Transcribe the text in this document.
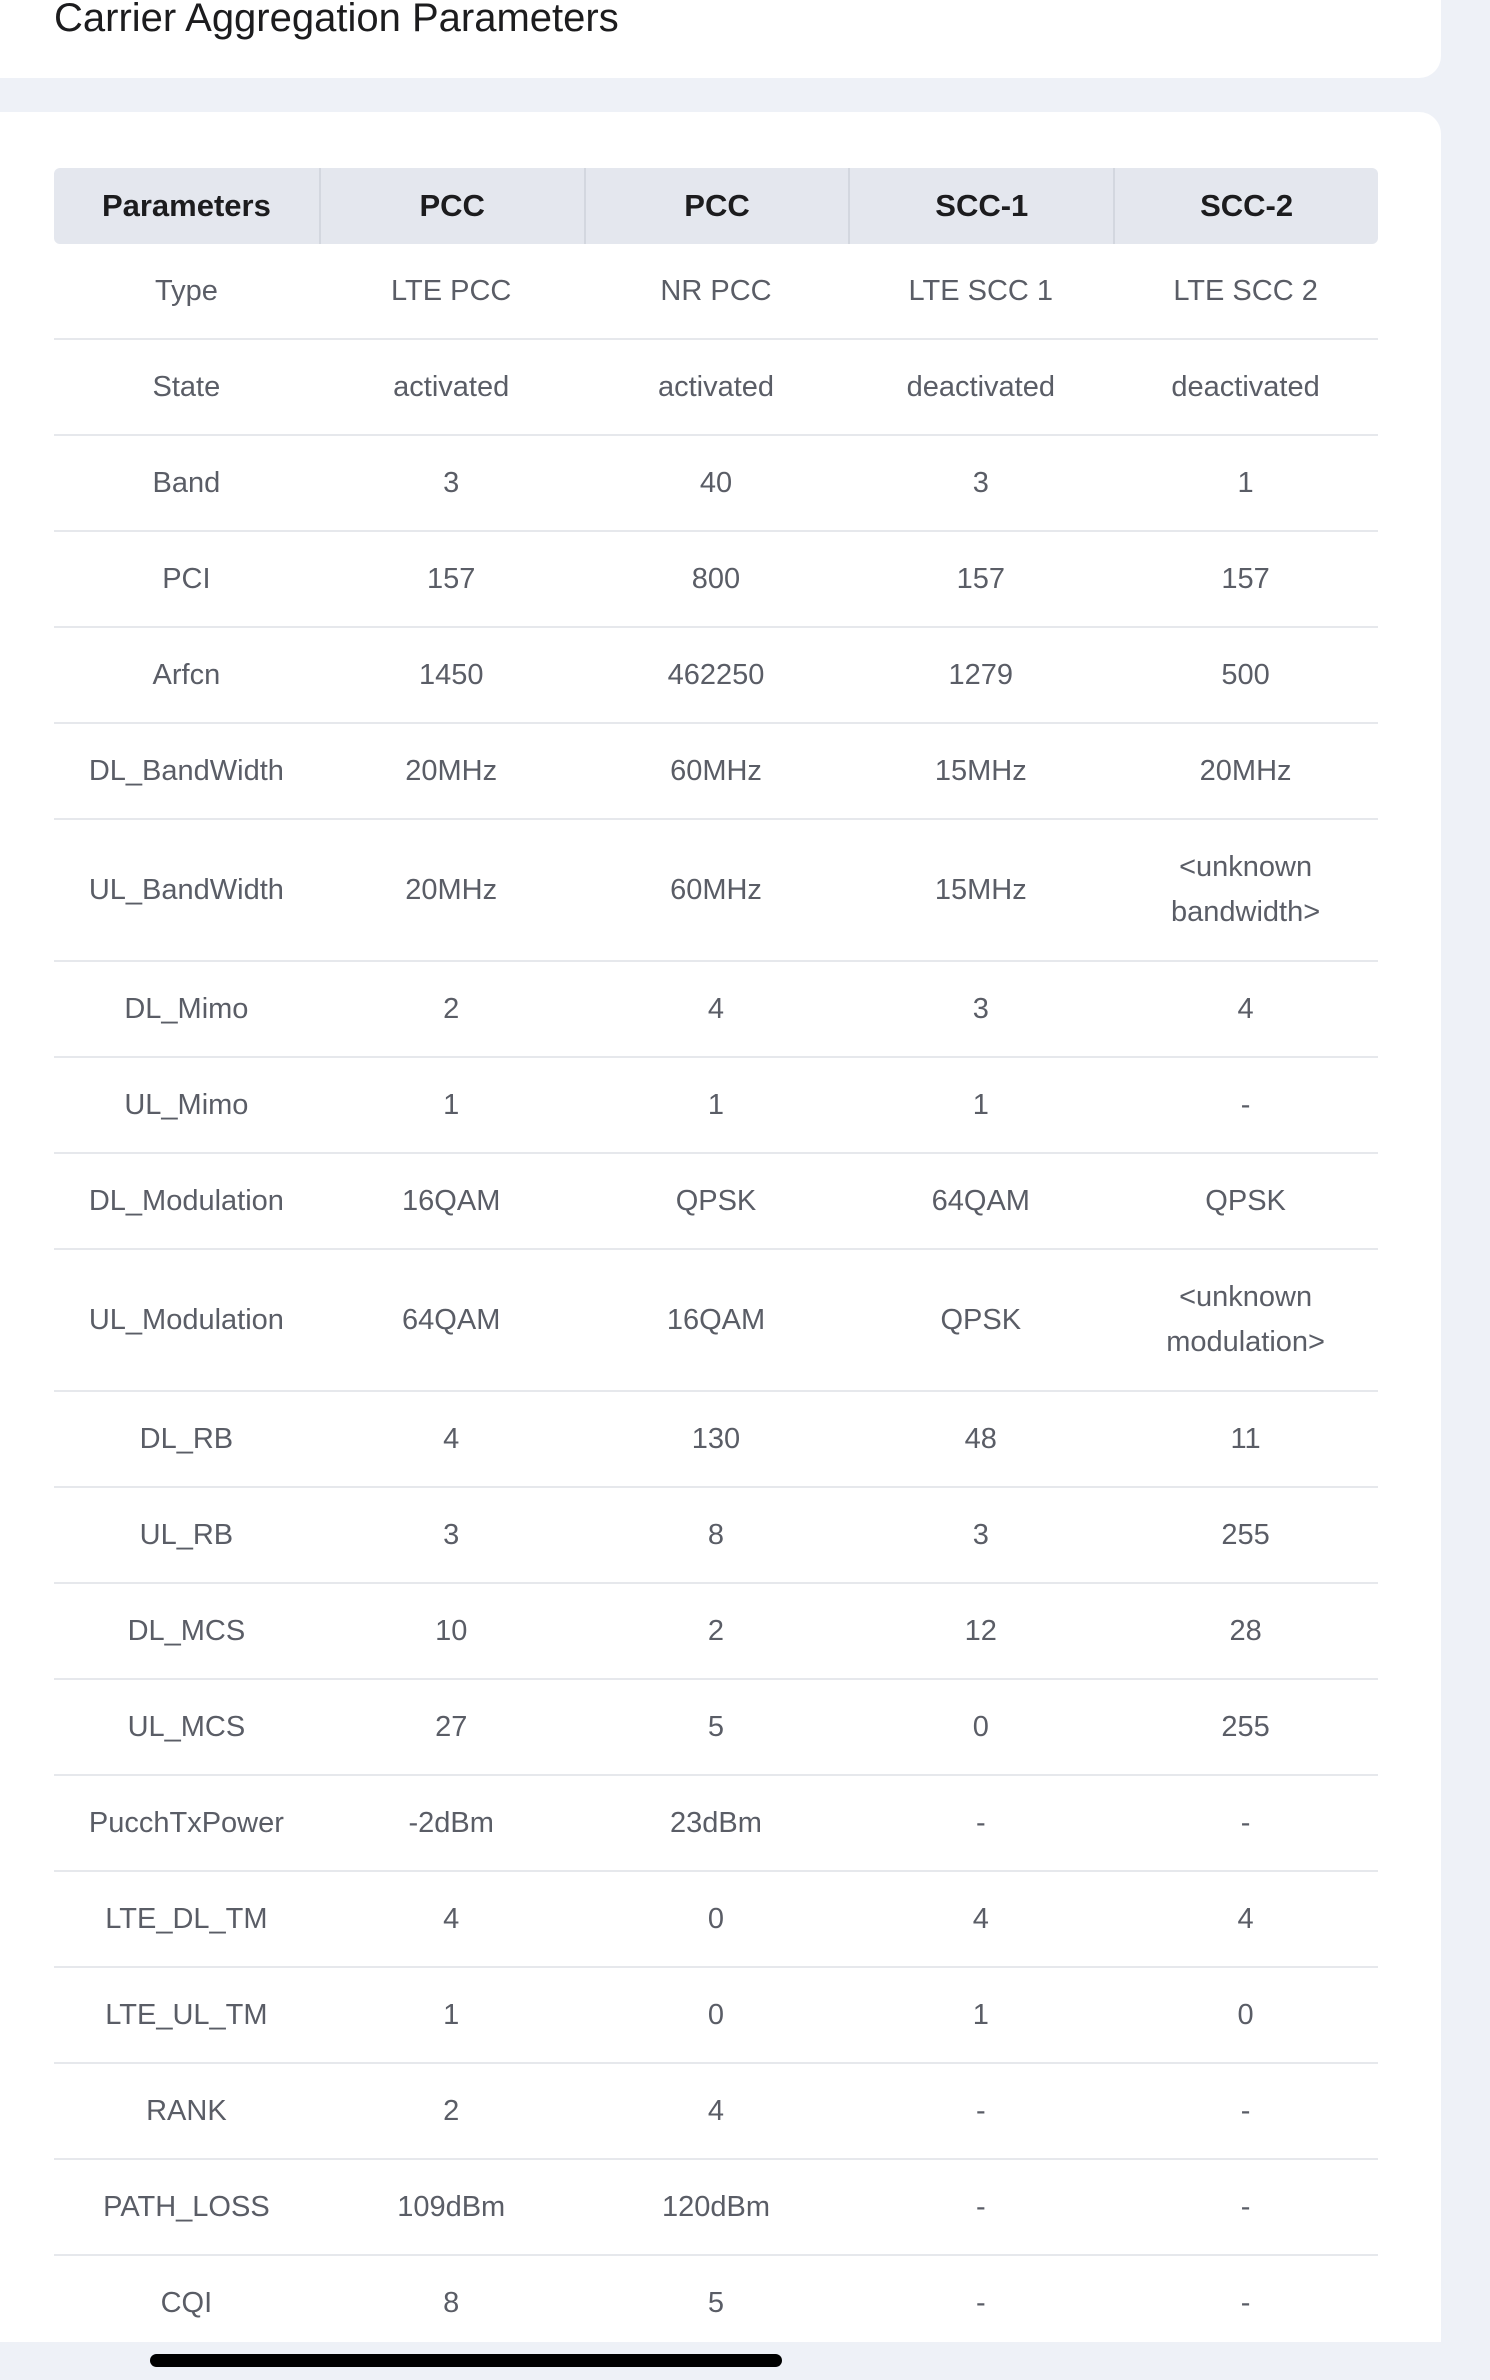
Carrier Aggregation Parameters
Parameters	PCC	PCC	SCC-1	SCC-2
Type	LTE PCC	NR PCC	LTE SCC 1	LTE SCC 2
State	activated	activated	deactivated	deactivated
Band	3	40	3	1
PCI	157	800	157	157
Arfcn	1450	462250	1279	500
DL_BandWidth	20MHz	60MHz	15MHz	20MHz
UL_BandWidth	20MHz	60MHz	15MHz	<unknown bandwidth>
DL_Mimo	2	4	3	4
UL_Mimo	1	1	1	-
DL_Modulation	16QAM	QPSK	64QAM	QPSK
UL_Modulation	64QAM	16QAM	QPSK	<unknown modulation>
DL_RB	4	130	48	11
UL_RB	3	8	3	255
DL_MCS	10	2	12	28
UL_MCS	27	5	0	255
PucchTxPower	-2dBm	23dBm	-	-
LTE_DL_TM	4	0	4	4
LTE_UL_TM	1	0	1	0
RANK	2	4	-	-
PATH_LOSS	109dBm	120dBm	-	-
CQI	8	5	-	-
